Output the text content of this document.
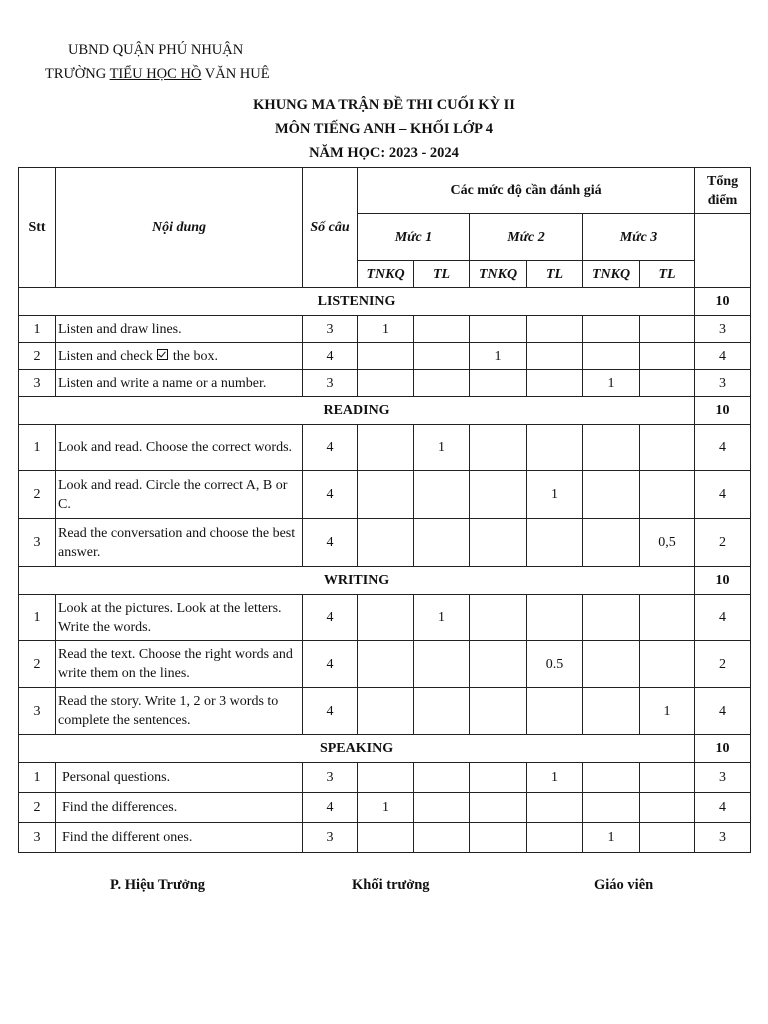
UBND QUẬN PHÚ NHUẬN
TRƯỜNG TIỂU HỌC HỒ VĂN HUÊ
KHUNG MA TRẬN ĐỀ THI CUỐI KỲ II
MÔN TIẾNG ANH – KHỐI LỚP 4
NĂM HỌC: 2023 - 2024
Stt	Nội dung	Số câu	Các mức độ cần đánh giá						Tổng điểm
			Mức 1		Mức 2		Mức 3		
			TNKQ	TL	TNKQ	TL	TNKQ	TL	
LISTENING									10
1	Listen and draw lines.	3	1						3
2	Listen and check  the box.	4			1				4
3	Listen and write a name or a number.	3					1		3
READING									10
1	Look and read. Choose the correct words.	4		1					4
2	Look and read. Circle the correct A, B or C.	4				1			4
3	Read the conversation and choose the best answer.	4						0,5	2
WRITING									10
1	Look at the pictures. Look at the letters. Write the words.	4		1					4
2	Read the text. Choose the right words and write them on the lines.	4				0.5			2
3	Read the story. Write 1, 2 or 3 words to complete the sentences.	4						1	4
SPEAKING									10
1	Personal questions.	3				1			3
2	Find the differences.	4	1						4
3	Find the different ones.	3					1		3
P. Hiệu Trưởng	Khối trưởng	Giáo viên
